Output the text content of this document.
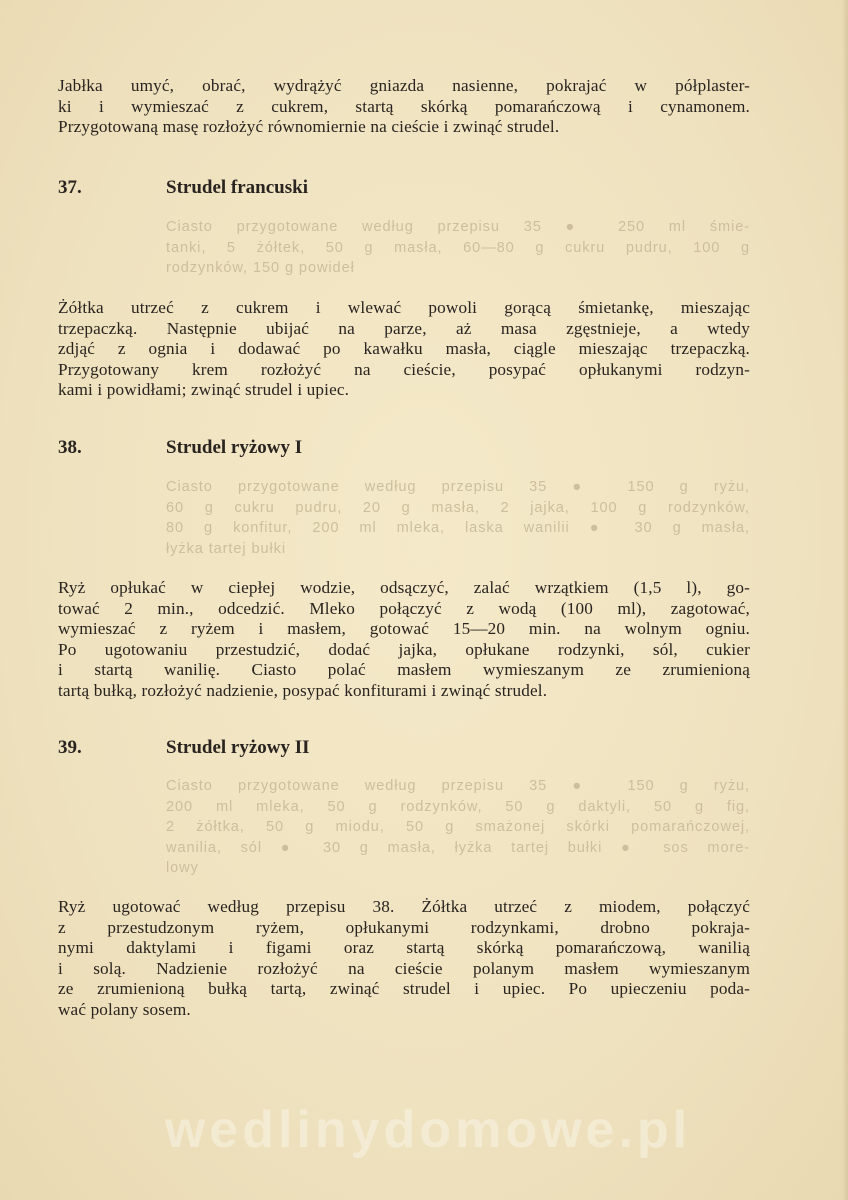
Jabłka umyć, obrać, wydrążyć gniazda nasienne, pokrajać w półplaster-
ki i wymieszać z cukrem, startą skórką pomarańczową i cynamonem.
Przygotowaną masę rozłożyć równomiernie na cieście i zwinąć strudel.
37.	Strudel francuski
Ciasto przygotowane według przepisu 35 ● 250 ml śmie-
tanki, 5 żółtek, 50 g masła, 60—80 g cukru pudru, 100 g
rodzynków, 150 g powideł
Żółtka utrzeć z cukrem i wlewać powoli gorącą śmietankę, mieszając
trzepaczką. Następnie ubijać na parze, aż masa zgęstnieje, a wtedy
zdjąć z ognia i dodawać po kawałku masła, ciągle mieszając trzepaczką.
Przygotowany krem rozłożyć na cieście, posypać opłukanymi rodzyn-
kami i powidłami; zwinąć strudel i upiec.
38.	Strudel ryżowy I
Ciasto przygotowane według przepisu 35 ● 150 g ryżu,
60 g cukru pudru, 20 g masła, 2 jajka, 100 g rodzynków,
80 g konfitur, 200 ml mleka, laska wanilii ● 30 g masła,
łyżka tartej bułki
Ryż opłukać w ciepłej wodzie, odsączyć, zalać wrzątkiem (1,5 l), go-
tować 2 min., odcedzić. Mleko połączyć z wodą (100 ml), zagotować,
wymieszać z ryżem i masłem, gotować 15—20 min. na wolnym ogniu.
Po ugotowaniu przestudzić, dodać jajka, opłukane rodzynki, sól, cukier
i startą wanilię. Ciasto polać masłem wymieszanym ze zrumienioną
tartą bułką, rozłożyć nadzienie, posypać konfiturami i zwinąć strudel.
39.	Strudel ryżowy II
Ciasto przygotowane według przepisu 35 ● 150 g ryżu,
200 ml mleka, 50 g rodzynków, 50 g daktyli, 50 g fig,
2 żółtka, 50 g miodu, 50 g smażonej skórki pomarańczowej,
wanilia, sól ● 30 g masła, łyżka tartej bułki ● sos more-
lowy
Ryż ugotować według przepisu 38. Żółtka utrzeć z miodem, połączyć
z przestudzonym ryżem, opłukanymi rodzynkami, drobno pokraja-
nymi daktylami i figami oraz startą skórką pomarańczową, wanilią
i solą. Nadzienie rozłożyć na cieście polanym masłem wymieszanym
ze zrumienioną bułką tartą, zwinąć strudel i upiec. Po upieczeniu poda-
wać polany sosem.
wedlinydomowe.pl
